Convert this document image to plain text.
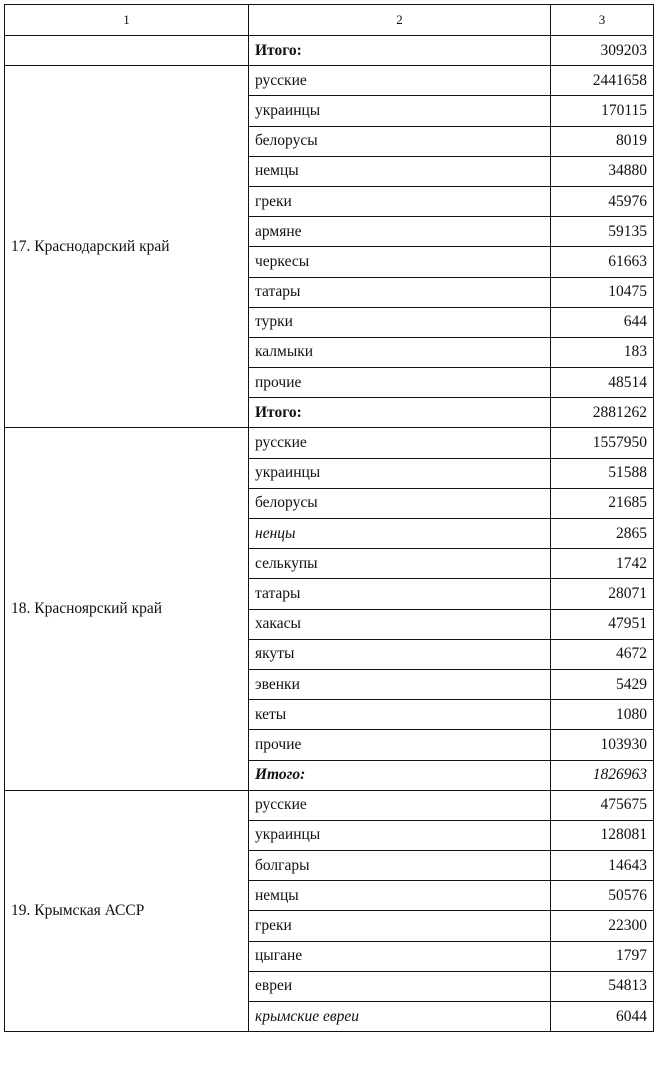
1	2	3
	Итого:	309203
17. Краснодарский край	русские	2441658
	украинцы	170115
	белорусы	8019
	немцы	34880
	греки	45976
	армяне	59135
	черкесы	61663
	татары	10475
	турки	644
	калмыки	183
	прочие	48514
	Итого:	2881262
18. Красноярский край	русские	1557950
	украинцы	51588
	белорусы	21685
	ненцы	2865
	селькупы	1742
	татары	28071
	хакасы	47951
	якуты	4672
	эвенки	5429
	кеты	1080
	прочие	103930
	Итого:	1826963
19. Крымская АССР	русские	475675
	украинцы	128081
	болгары	14643
	немцы	50576
	греки	22300
	цыгане	1797
	евреи	54813
	крымские евреи	6044
